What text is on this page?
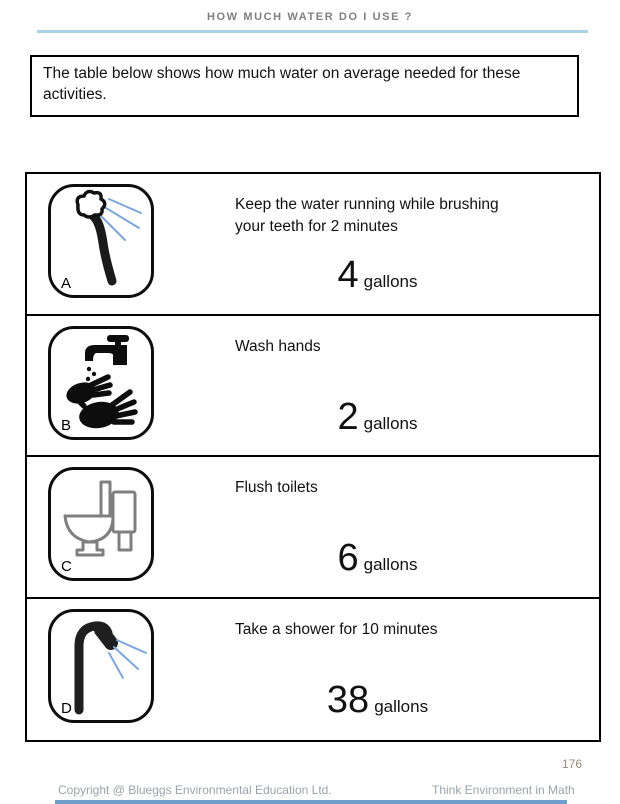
HOW MUCH WATER DO I USE ?
The table below shows how much water on average needed for these activities.
A
Keep the water running while brushing your teeth for 2 minutes
4 gallons
B
Wash hands
2 gallons
C
Flush toilets
6 gallons
D
Take a shower for 10 minutes
38 gallons
176
Copyright @ Blueggs Environmental Education Ltd.	Think Environment in Math
